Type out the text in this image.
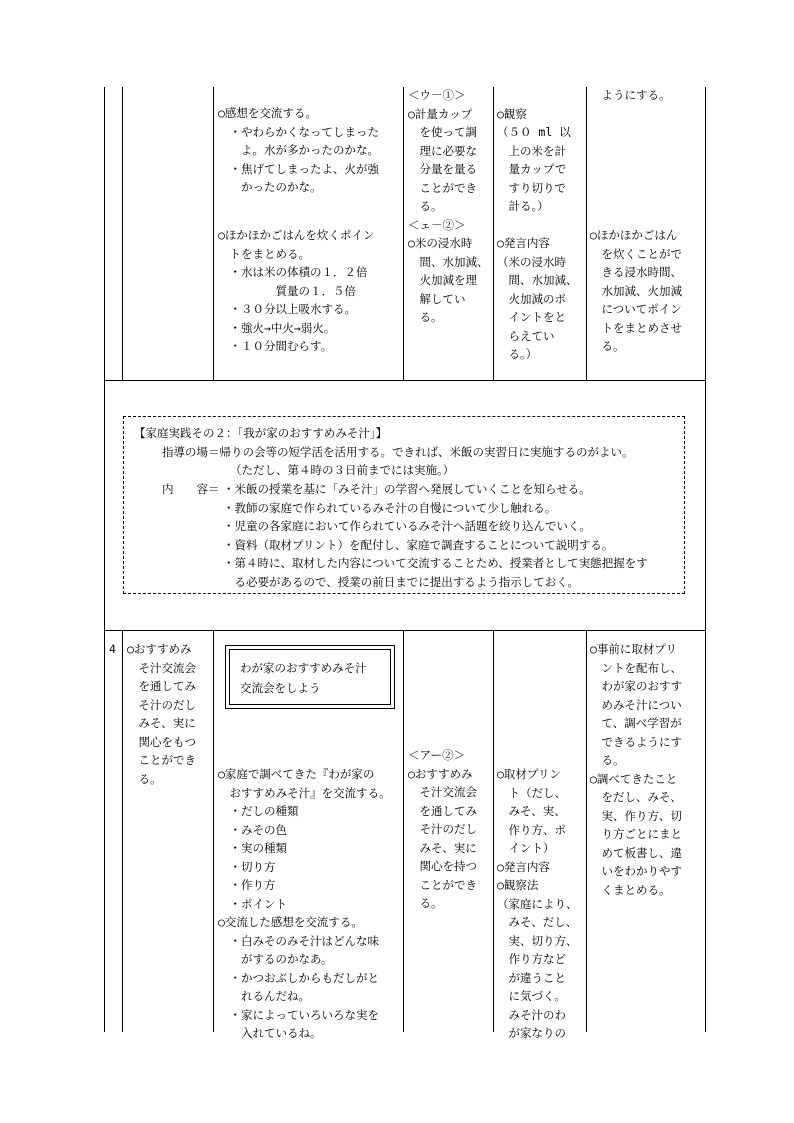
○感想を交流する。
　・やわらかくなってしまった
　　よ。水が多かったのかな。
　・焦げてしまったよ、火が強
　　かったのかな。
○ほかほかごはんを炊くポイン
　トをまとめる。
　・水は米の体積の１．２倍
　　　　　質量の１．５倍
　・３０分以上吸水する。
　・強火→中火→弱火。
　・１０分間むらす。
＜ウ－①＞
○計量カップ
　を使って調
　理に必要な
　分量を量る
　ことができ
　る。
＜ェ－②＞
○米の浸水時
　間、水加減、
　火加減を理
　解してい
　る。

○観察
（５０ ml 以
　上の米を計
　量カップで
　すり切りで
　計る。）

○発言内容
（米の浸水時
　間、水加減、
　火加減のポ
　イントをと
　らえてい
　る。）
　ようにする。
○ほかほかごはん
　を炊くことがで
　きる浸水時間、
　水加減、火加減
　についてポイン
　トをまとめさせ
　る。
【家庭実践その２：「我が家のおすすめみそ汁」】
指導の場＝帰りの会等の短学活を活用する。できれば、米飯の実習日に実施するのがよい。
（ただし、第４時の３日前までには実施。）
内　　容＝ ・米飯の授業を基に「みそ汁」の学習へ発展していくことを知らせる。
・教師の家庭で作られているみそ汁の自慢について少し触れる。
・児童の各家庭において作られているみそ汁へ話題を絞り込んでいく。
・資料（取材プリント）を配付し、家庭で調査することについて説明する。
・第４時に、取材した内容について交流することため、授業者として実態把握をす
　る必要があるので、授業の前日までに提出するよう指示しておく。
4 ○おすすめみ
　そ汁交流会
　を通してみ
　そ汁のだし
　みそ、実に
　関心をもつ
　ことができ
　る。
わが家のおすすめみそ汁
交流会をしよう
○家庭で調べてきた『わが家の
　おすすめみそ汁』を交流する。
　・だしの種類
　・みその色
　・実の種類
　・切り方
　・作り方
　・ポイント
○交流した感想を交流する。
　・白みそのみそ汁はどんな味
　　がするのかなあ。
　・かつおぶしからもだしがと
　　れるんだね。
　・家によっていろいろな実を
　　入れているね。
＜アー②＞
○おすすめみ
　そ汁交流会
　を通してみ
　そ汁のだし
　みそ、実に
　関心を持つ
　ことができ
　る。
○取材プリン
　ト（だし、
　みそ、実、
　作り方、ポ
　イント）
○発言内容
○観察法
（家庭により、
　みそ、だし、
　実、切り方、
　作り方など
　が違うこと
　に気づく。
　みそ汁のわ
　が家なりの
○事前に取材プリ
　ントを配布し、
　わが家のおすす
　めみそ汁につい
　て、調べ学習が
　できるようにす
　る。
○調べてきたこと
　をだし、みそ、
　実、作り方、切
　り方ごとにまと
　めて板書し、違
　いをわかりやす
　くまとめる。
